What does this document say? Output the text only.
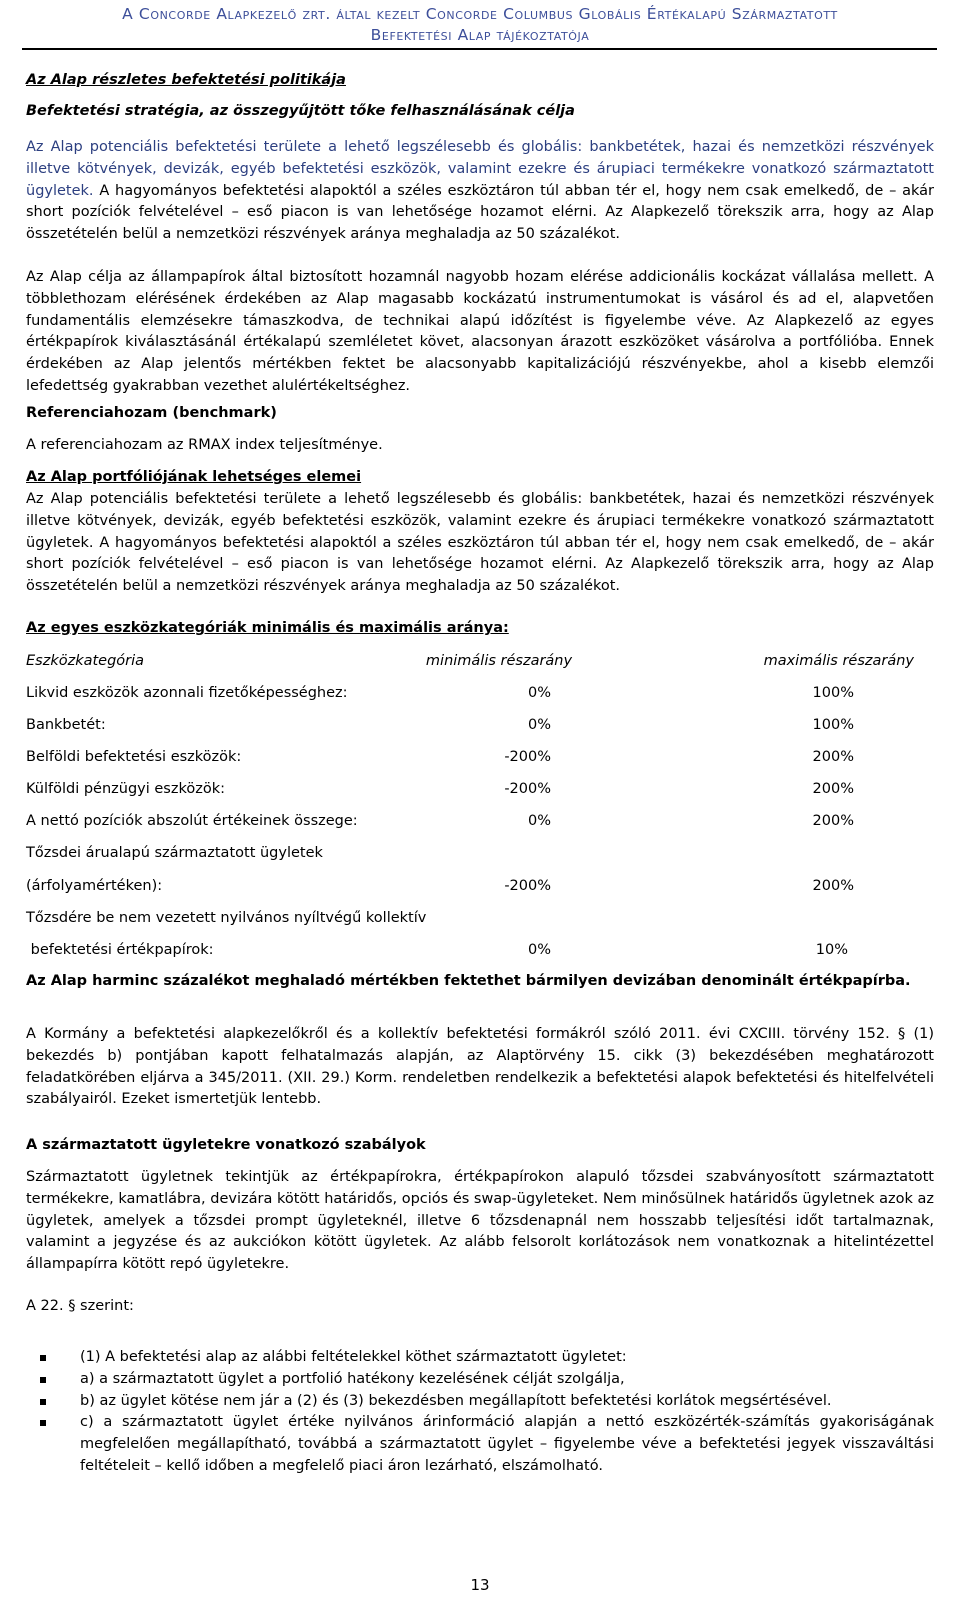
A Concorde Alapkezelő zrt. által kezelt Concorde Columbus Globális Értékalapú Származtatott
Befektetési Alap tájékoztatója
Az Alap részletes befektetési politikája
Befektetési stratégia, az összegyűjtött tőke felhasználásának célja
Az Alap potenciális befektetési területe a lehető legszélesebb és globális: bankbetétek, hazai és nemzetközi részvények illetve kötvények, devizák, egyéb befektetési eszközök, valamint ezekre és árupiaci termékekre vonatkozó származtatott ügyletek. A hagyományos befektetési alapoktól a széles eszköztáron túl abban tér el, hogy nem csak emelkedő, de – akár short pozíciók felvételével – eső piacon is van lehetősége hozamot elérni. Az Alapkezelő törekszik arra, hogy az Alap összetételén belül a nemzetközi részvények aránya meghaladja az 50 százalékot.
Az Alap célja az állampapírok által biztosított hozamnál nagyobb hozam elérése addicionális kockázat vállalása mellett. A többlethozam elérésének érdekében az Alap magasabb kockázatú instrumentumokat is vásárol és ad el, alapvetően fundamentális elemzésekre támaszkodva, de technikai alapú időzítést is figyelembe véve. Az Alapkezelő az egyes értékpapírok kiválasztásánál értékalapú szemléletet követ, alacsonyan árazott eszközöket vásárolva a portfólióba. Ennek érdekében az Alap jelentős mértékben fektet be alacsonyabb kapitalizációjú részvényekbe, ahol a kisebb elemzői lefedettség gyakrabban vezethet alulértékeltséghez.
Referenciahozam (benchmark)
A referenciahozam az RMAX index teljesítménye.
Az Alap portfóliójának lehetséges elemei
Az Alap potenciális befektetési területe a lehető legszélesebb és globális: bankbetétek, hazai és nemzetközi részvények illetve kötvények, devizák, egyéb befektetési eszközök, valamint ezekre és árupiaci termékekre vonatkozó származtatott ügyletek. A hagyományos befektetési alapoktól a széles eszköztáron túl abban tér el, hogy nem csak emelkedő, de – akár short pozíciók felvételével – eső piacon is van lehetősége hozamot elérni. Az Alapkezelő törekszik arra, hogy az Alap összetételén belül a nemzetközi részvények aránya meghaladja az 50 százalékot.
Az egyes eszközkategóriák minimális és maximális aránya:
Eszközkategória	minimális részarány	maximális részarány
Likvid eszközök azonnali fizetőképességhez:	0%	100%
Bankbetét:	0%	100%
Belföldi befektetési eszközök:	-200%	200%
Külföldi pénzügyi eszközök:	-200%	200%
A nettó pozíciók abszolút értékeinek összege:	0%	200%
Tőzsdei árualapú származtatott ügyletek
(árfolyamértéken):	-200%	200%
Tőzsdére be nem vezetett nyilvános nyíltvégű kollektív
befektetési értékpapírok:	0%	10%
Az Alap harminc százalékot meghaladó mértékben fektethet bármilyen devizában denominált értékpapírba.
A Kormány a befektetési alapkezelőkről és a kollektív befektetési formákról szóló 2011. évi CXCIII. törvény 152. § (1) bekezdés b) pontjában kapott felhatalmazás alapján, az Alaptörvény 15. cikk (3) bekezdésében meghatározott feladatkörében eljárva a 345/2011. (XII. 29.) Korm. rendeletben rendelkezik a befektetési alapok befektetési és hitelfelvételi szabályairól. Ezeket ismertetjük lentebb.
A származtatott ügyletekre vonatkozó szabályok
Származtatott ügyletnek tekintjük az értékpapírokra, értékpapírokon alapuló tőzsdei szabványosított származtatott termékekre, kamatlábra, devizára kötött határidős, opciós és swap-ügyleteket. Nem minősülnek határidős ügyletnek azok az ügyletek, amelyek a tőzsdei prompt ügyleteknél, illetve 6 tőzsdenapnál nem hosszabb teljesítési időt tartalmaznak, valamint a jegyzése és az aukciókon kötött ügyletek. Az alább felsorolt korlátozások nem vonatkoznak a hitelintézettel állampapírra kötött repó ügyletekre.
A 22. § szerint:
(1) A befektetési alap az alábbi feltételekkel köthet származtatott ügyletet:
a) a származtatott ügylet a portfolió hatékony kezelésének célját szolgálja,
b) az ügylet kötése nem jár a (2) és (3) bekezdésben megállapított befektetési korlátok megsértésével.
c) a származtatott ügylet értéke nyilvános árinformáció alapján a nettó eszközérték-számítás gyakoriságának megfelelően megállapítható, továbbá a származtatott ügylet – figyelembe véve a befektetési jegyek visszaváltási feltételeit – kellő időben a megfelelő piaci áron lezárható, elszámolható.
13
